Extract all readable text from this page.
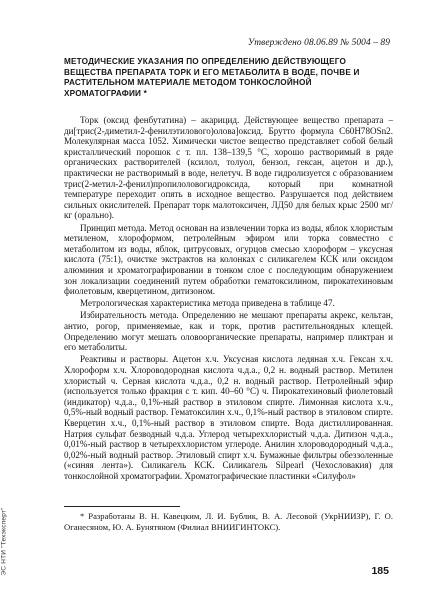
Утверждено 08.06.89 № 5004 – 89
МЕТОДИЧЕСКИЕ УКАЗАНИЯ ПО ОПРЕДЕЛЕНИЮ ДЕЙСТВУЮЩЕГО ВЕЩЕСТВА ПРЕПАРАТА ТОРК И ЕГО МЕТАБОЛИТА В ВОДЕ, ПОЧВЕ И РАСТИТЕЛЬНОМ МАТЕРИАЛЕ МЕТОДОМ ТОНКОСЛОЙНОЙ ХРОМАТОГРАФИИ *

Торк (оксид фенбутатина) – акарицид. Действующее вещество препарата – ди[трис(2-диметил-2-фенилэтилового)олова]оксид. Брутто формула C60H78OSn2. Молекулярная масса 1052. Химически чистое вещество представляет собой белый кристаллический порошок с т. пл. 138–139,5 °С, хорошо растворимый в ряде органических растворителей (ксилол, толуол, бензол, гексан, ацетон и др.), практически не растворимый в воде, нелетуч. В воде гидролизуется с образованием трис(2-метил-2-фенил)пропилоловогидроксида, который при комнатной температуре переходит опять в исходное вещество. Разрушается под действием сильных окислителей. Препарат торк малотоксичен, ЛД50 для белых крыс 2500 мг/кг (орально).

Принцип метода. Метод основан на извлечении торка из воды, яблок хлористым метиленом, хлороформом, петролейным эфиром или торка совместно с метаболитом из воды, яблок, цитрусовых, огурцов смесью хлороформ – уксусная кислота (75:1), очистке экстрактов на колонках с силикагелем КСК или оксидом алюминия и хроматографировании в тонком слое с последующим обнаружением зон локализации соединений путем обработки гематоксилином, пирокатехиновым фиолетовым, кверцетином, дитизоном.

Метрологическая характеристика метода приведена в таблице 47.

Избирательность метода. Определению не мешают препараты акрекс, кельтан, антио, рогор, применяемые, как и торк, против растительноядных клещей. Определению могут мешать оловоорганические препараты, например пликтран и его метаболиты.

Реактивы и растворы. Ацетон х.ч. Уксусная кислота ледяная х.ч. Гексан х.ч. Хлороформ х.ч. Хлороводородная кислота ч.д.а., 0,2 н. водный раствор. Метилен хлористый ч. Серная кислота ч.д.а., 0,2 н. водный раствор. Петролейный эфир (используется только фракция с т. кип. 40–60 °С) ч. Пирокатехиновый фиолетовый (индикатор) ч.д.а., 0,1%-ный раствор в этиловом спирте. Лимонная кислота х.ч., 0,5%-ный водный раствор. Гематоксилин х.ч., 0,1%-ный раствор в этиловом спирте. Кверцетин х.ч., 0,1%-ный раствор в этиловом спирте. Вода дистиллированная. Натрия сульфат безводный ч.д.а. Углерод четыреххлористый ч.д.а. Дитизон ч.д.а., 0,01%-ный раствор в четыреххлористом углероде. Анилин хлороводородный ч.д.а., 0,02%-ный водный раствор. Этиловый спирт х.ч. Бумажные фильтры обеззоленные («синяя лента»). Силикагель КСК. Силикагель Silpearl (Чехословакия) для тонкослойной хроматографии. Хроматографические пластинки «Силуфол»

* Разработаны В. Н. Кавецким, Л. И. Бублик, В. А. Лесовой (УкрНИИЗР), Г. О. Оганесяном, Ю. А. Бунятяном (Филиал ВНИИГИНТОКС).

185
ЭС НТИ "Техэксперт"
